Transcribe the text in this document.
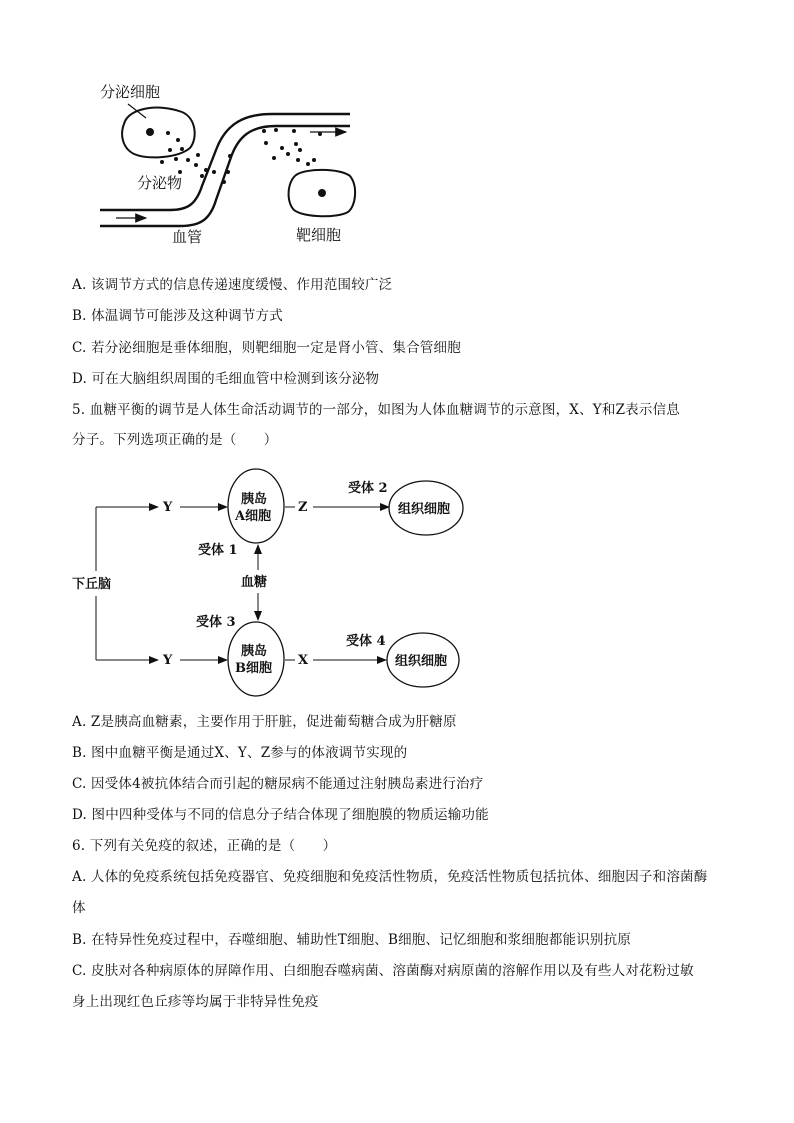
分泌细胞
分泌物
血管	靶细胞
A. 该调节方式的信息传递速度缓慢、作用范围较广泛
B. 体温调节可能涉及这种调节方式
C. 若分泌细胞是垂体细胞，则靶细胞一定是肾小管、集合管细胞
D. 可在大脑组织周围的毛细血管中检测到该分泌物
5. 血糖平衡的调节是人体生命活动调节的一部分，如图为人体血糖调节的示意图，X、Y和Z表示信息
分子。下列选项正确的是（　　）
下丘脑
Y
Y
胰岛
A细胞
胰岛
B细胞
Z
受体 2
组织细胞
X
受体 4
组织细胞
受体 1
血糖
受体 3
A. Z是胰高血糖素，主要作用于肝脏，促进葡萄糖合成为肝糖原
B. 图中血糖平衡是通过X、Y、Z参与的体液调节实现的
C. 因受体4被抗体结合而引起的糖尿病不能通过注射胰岛素进行治疗
D. 图中四种受体与不同的信息分子结合体现了细胞膜的物质运输功能
6. 下列有关免疫的叙述，正确的是（　　）
A. 人体的免疫系统包括免疫器官、免疫细胞和免疫活性物质，免疫活性物质包括抗体、细胞因子和溶菌酶
体
B. 在特异性免疫过程中，吞噬细胞、辅助性T细胞、B细胞、记忆细胞和浆细胞都能识别抗原
C. 皮肤对各种病原体的屏障作用、白细胞吞噬病菌、溶菌酶对病原菌的溶解作用以及有些人对花粉过敏
身上出现红色丘疹等均属于非特异性免疫
